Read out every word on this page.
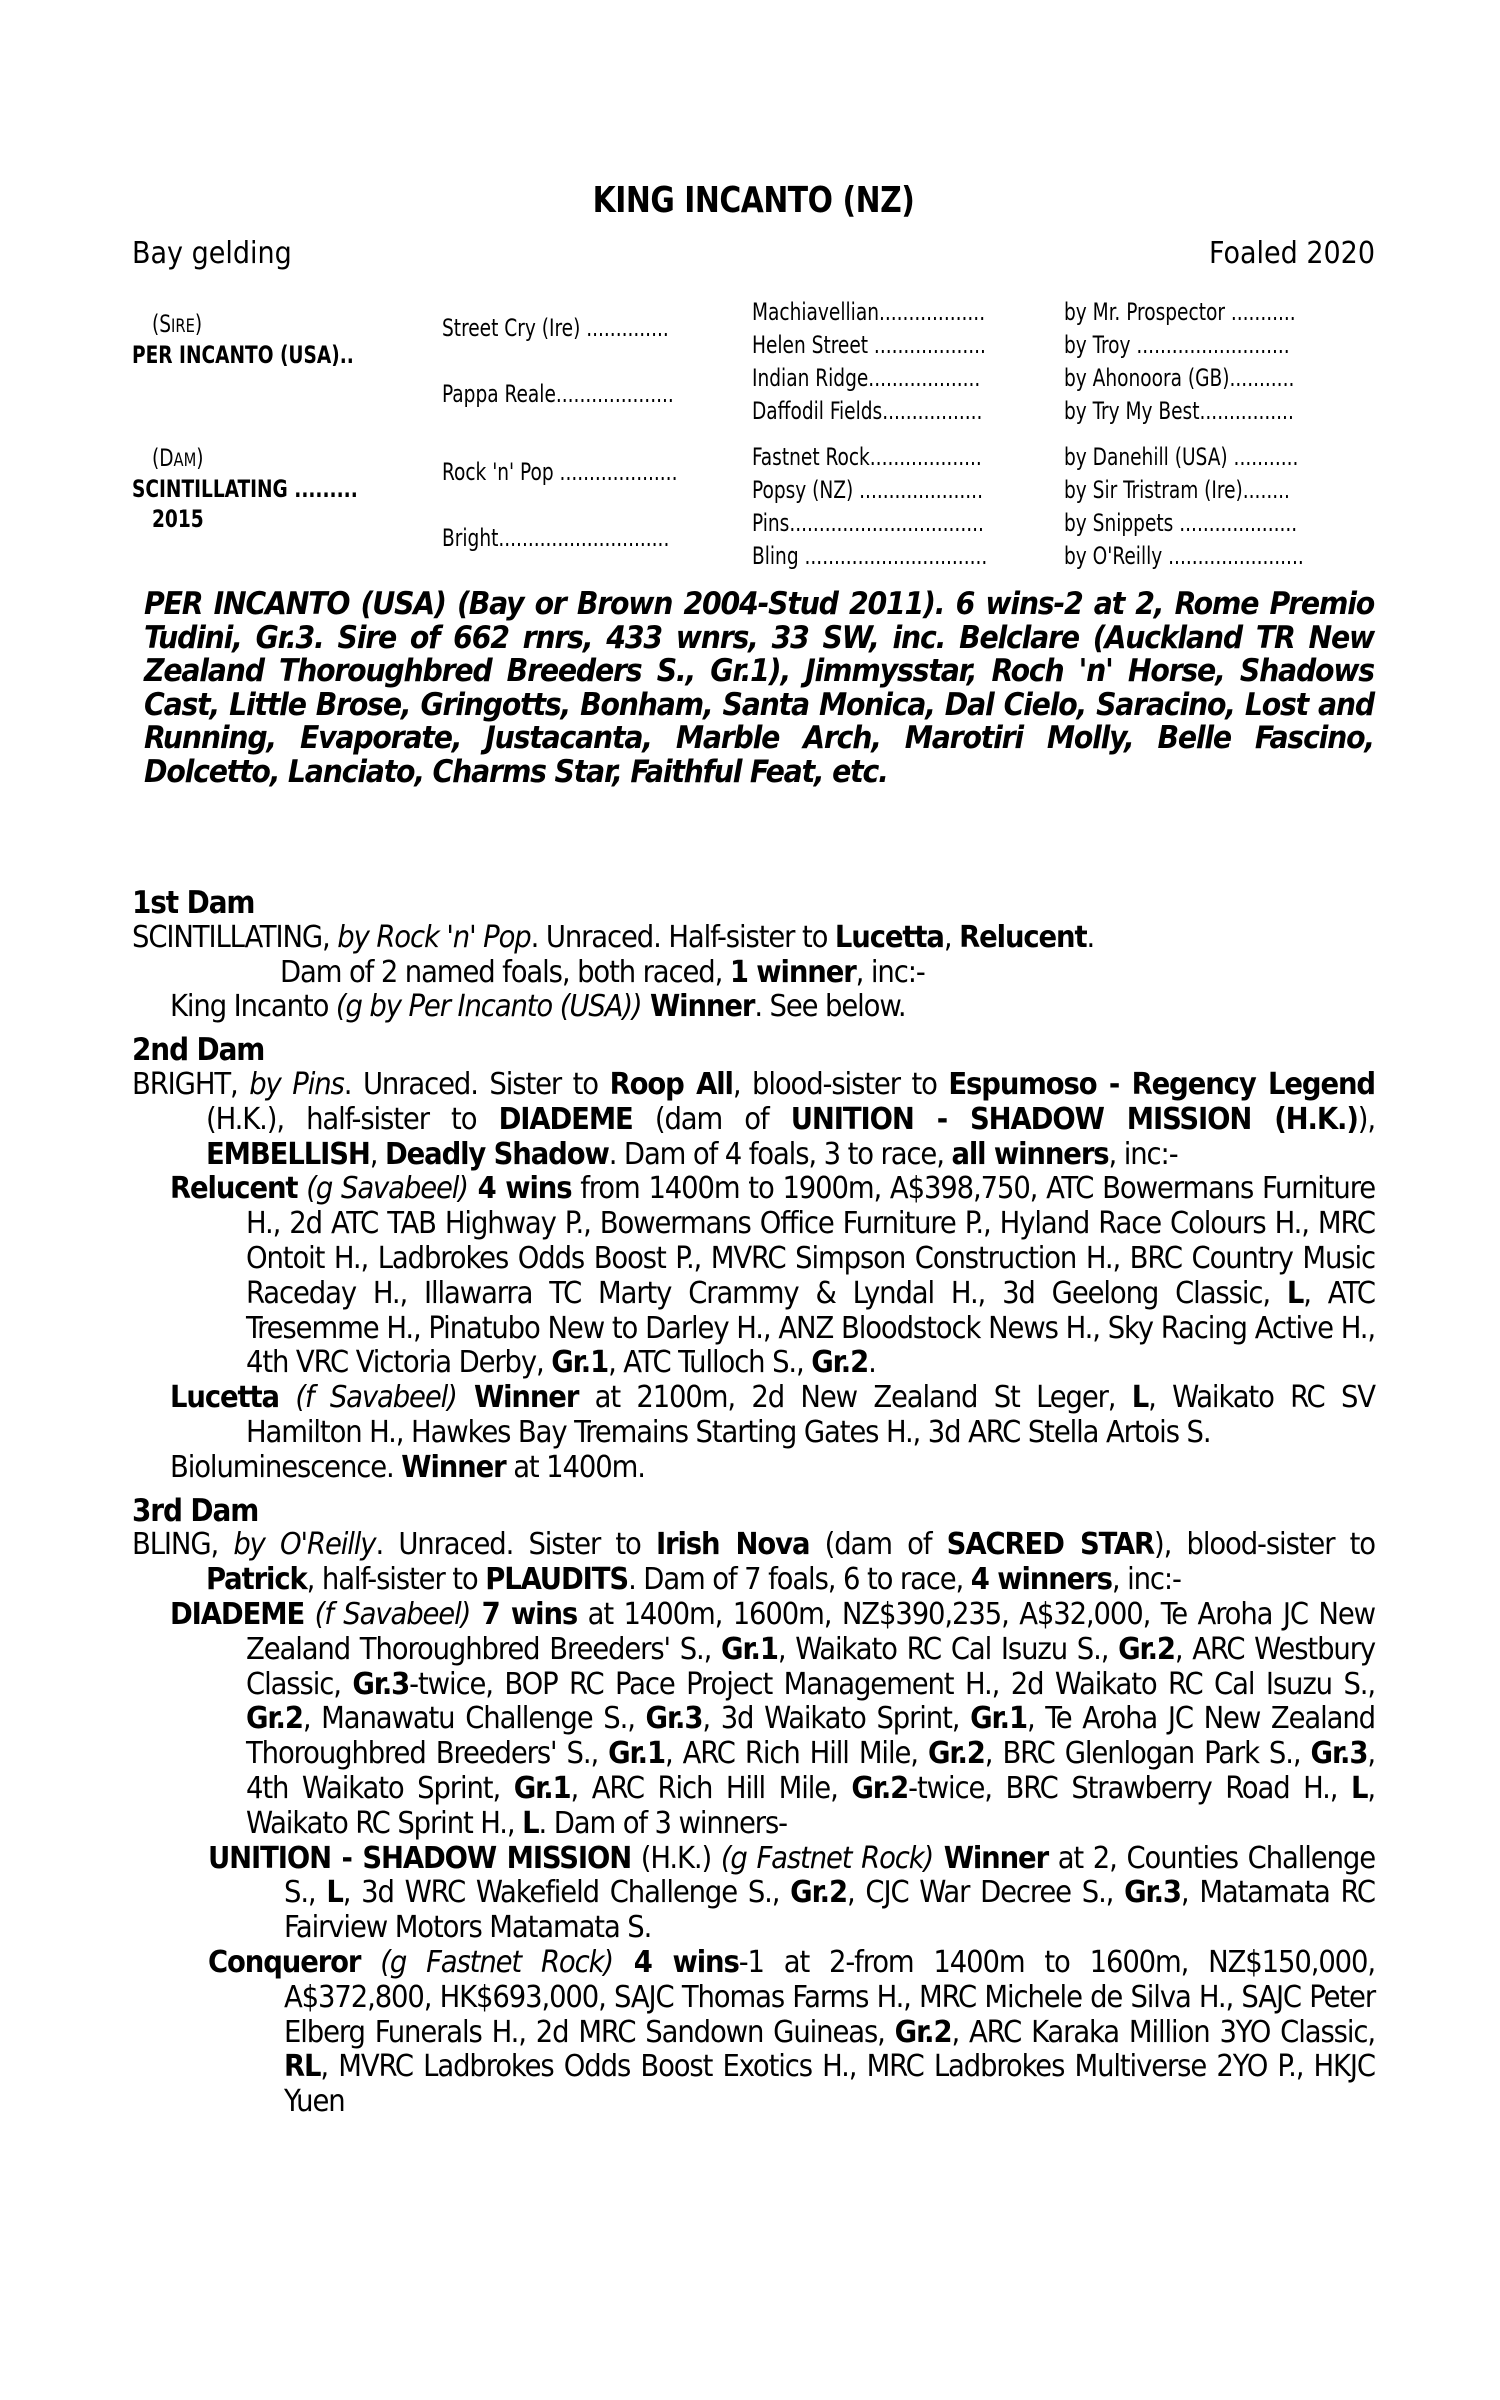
KING INCANTO (NZ)
Bay gelding	Foaled 2020
(SIRE)
PER INCANTO (USA)..
(DAM)
SCINTILLATING .........
2015
Street Cry (Ire) ..............
Pappa Reale....................
Rock 'n' Pop ....................
Bright.............................
Machiavellian..................
Helen Street ...................
Indian Ridge...................
Daffodil Fields.................
Fastnet Rock...................
Popsy (NZ) .....................
Pins.................................
Bling ...............................
by Mr. Prospector ...........
by Troy ..........................
by Ahonoora (GB)...........
by Try My Best................
by Danehill (USA) ...........
by Sir Tristram (Ire)........
by Snippets ....................
by O'Reilly .......................
PER INCANTO (USA) (Bay or Brown 2004-Stud 2011). 6 wins-2 at 2, Rome Premio Tudini, Gr.3. Sire of 662 rnrs, 433 wnrs, 33 SW, inc. Belclare (Auckland TR New Zealand Thoroughbred Breeders S., Gr.1), Jimmysstar, Roch 'n' Horse, Shadows Cast, Little Brose, Gringotts, Bonham, Santa Monica, Dal Cielo, Saracino, Lost and Running, Evaporate, Justacanta, Marble Arch, Marotiri Molly, Belle Fascino, Dolcetto, Lanciato, Charms Star, Faithful Feat, etc.
1st Dam
SCINTILLATING, by Rock 'n' Pop. Unraced. Half-sister to Lucetta, Relucent.
Dam of 2 named foals, both raced, 1 winner, inc:-
King Incanto (g by Per Incanto (USA)) Winner. See below.
2nd Dam
BRIGHT, by Pins. Unraced. Sister to Roop All, blood-sister to Espumoso - Regency Legend (H.K.), half-sister to DIADEME (dam of UNITION - SHADOW MISSION (H.K.)), EMBELLISH, Deadly Shadow. Dam of 4 foals, 3 to race, all winners, inc:-
Relucent (g Savabeel) 4 wins from 1400m to 1900m, A$398,750, ATC Bowermans Furniture H., 2d ATC TAB Highway P., Bowermans Office Furniture P., Hyland Race Colours H., MRC Ontoit H., Ladbrokes Odds Boost P., MVRC Simpson Construction H., BRC Country Music Raceday H., Illawarra TC Marty Crammy & Lyndal H., 3d Geelong Classic, L, ATC Tresemme H., Pinatubo New to Darley H., ANZ Bloodstock News H., Sky Racing Active H., 4th VRC Victoria Derby, Gr.1, ATC Tulloch S., Gr.2.
Lucetta (f Savabeel) Winner at 2100m, 2d New Zealand St Leger, L, Waikato RC SV Hamilton H., Hawkes Bay Tremains Starting Gates H., 3d ARC Stella Artois S.
Bioluminescence. Winner at 1400m.
3rd Dam
BLING, by O'Reilly. Unraced. Sister to Irish Nova (dam of SACRED STAR), blood-sister to Patrick, half-sister to PLAUDITS. Dam of 7 foals, 6 to race, 4 winners, inc:-
DIADEME (f Savabeel) 7 wins at 1400m, 1600m, NZ$390,235, A$32,000, Te Aroha JC New Zealand Thoroughbred Breeders' S., Gr.1, Waikato RC Cal Isuzu S., Gr.2, ARC Westbury Classic, Gr.3-twice, BOP RC Pace Project Management H., 2d Waikato RC Cal Isuzu S., Gr.2, Manawatu Challenge S., Gr.3, 3d Waikato Sprint, Gr.1, Te Aroha JC New Zealand Thoroughbred Breeders' S., Gr.1, ARC Rich Hill Mile, Gr.2, BRC Glenlogan Park S., Gr.3, 4th Waikato Sprint, Gr.1, ARC Rich Hill Mile, Gr.2-twice, BRC Strawberry Road H., L, Waikato RC Sprint H., L. Dam of 3 winners-
UNITION - SHADOW MISSION (H.K.) (g Fastnet Rock) Winner at 2, Counties Challenge S., L, 3d WRC Wakefield Challenge S., Gr.2, CJC War Decree S., Gr.3, Matamata RC Fairview Motors Matamata S.
Conqueror (g Fastnet Rock) 4 wins-1 at 2-from 1400m to 1600m, NZ$150,000, A$372,800, HK$693,000, SAJC Thomas Farms H., MRC Michele de Silva H., SAJC Peter Elberg Funerals H., 2d MRC Sandown Guineas, Gr.2, ARC Karaka Million 3YO Classic, RL, MVRC Ladbrokes Odds Boost Exotics H., MRC Ladbrokes Multiverse 2YO P., HKJC Yuen
